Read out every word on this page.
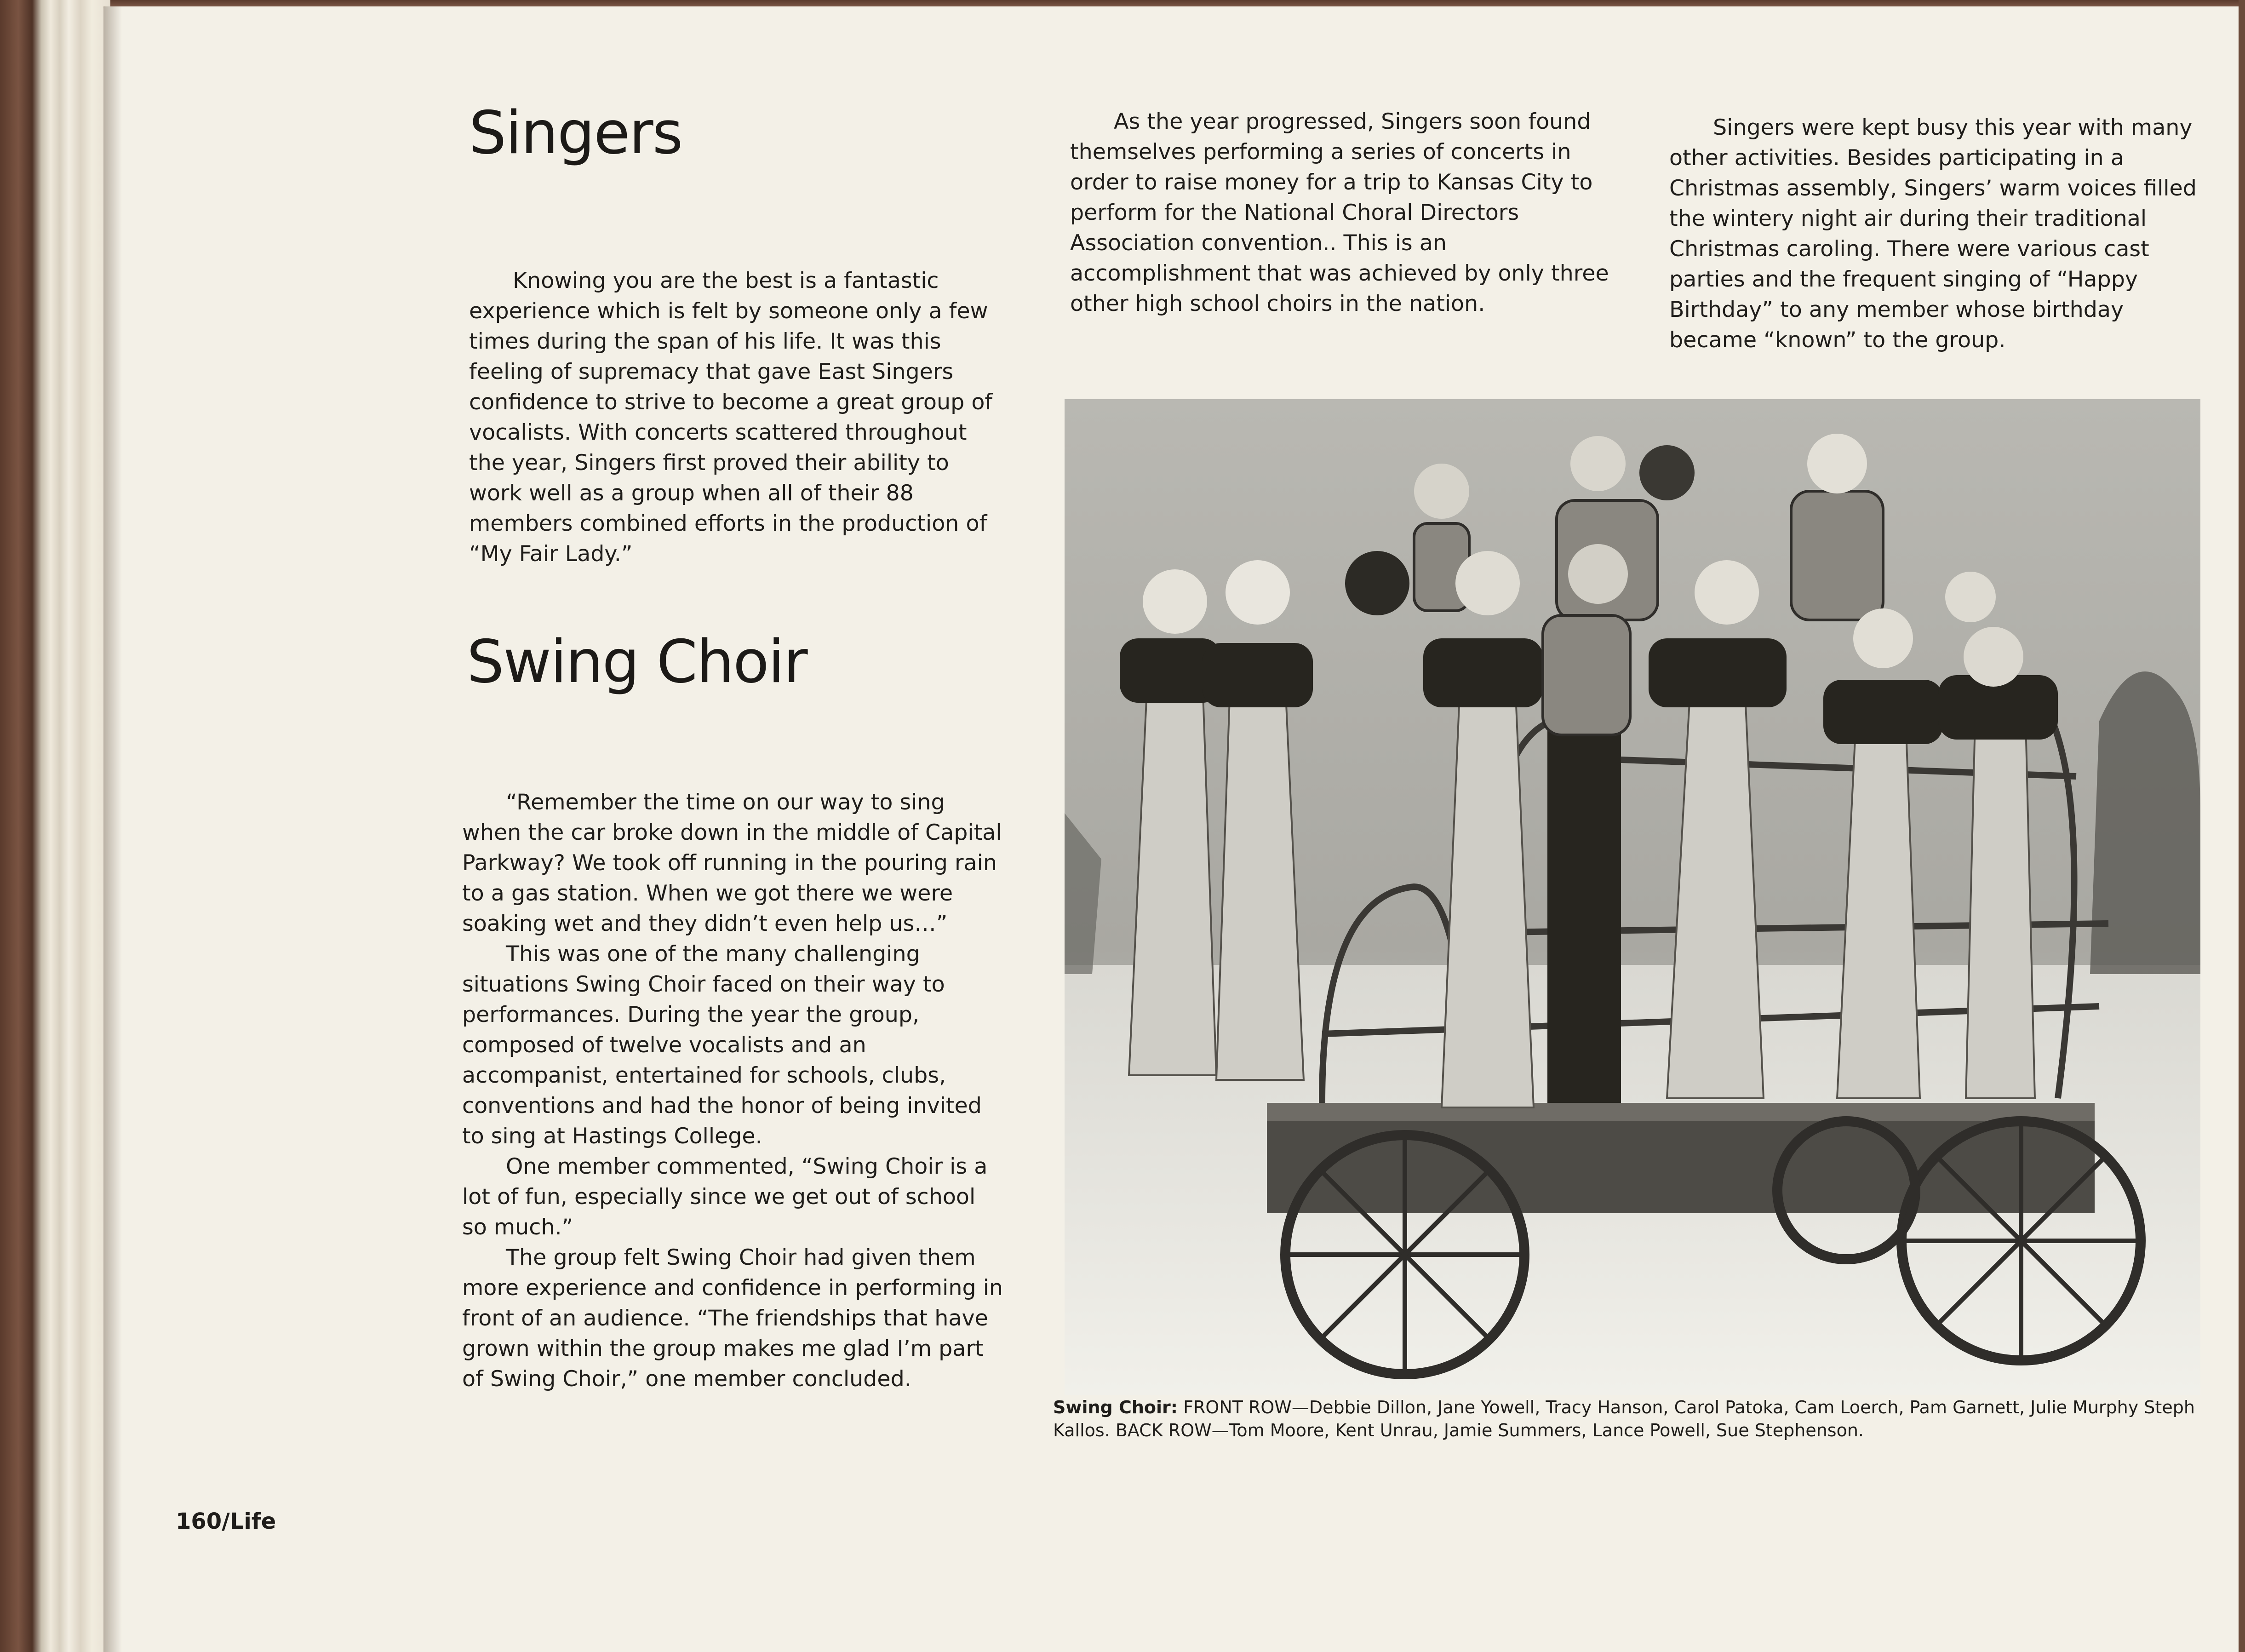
Singers

Knowing you are the best is a fantastic experience which is felt by someone only a few times during the span of his life. It was this feeling of supremacy that gave East Singers confidence to strive to become a great group of vocalists. With concerts scattered throughout the year, Singers first proved their ability to work well as a group when all of their 88 members combined efforts in the production of “My Fair Lady.”

Swing Choir

“Remember the time on our way to sing when the car broke down in the middle of Capital Parkway? We took off running in the pouring rain to a gas station. When we got there we were soaking wet and they didn’t even help us…”

This was one of the many challenging situations Swing Choir faced on their way to performances. During the year the group, composed of twelve vocalists and an accompanist, entertained for schools, clubs, conventions and had the honor of being invited to sing at Hastings College.

One member commented, “Swing Choir is a lot of fun, especially since we get out of school so much.”

The group felt Swing Choir had given them more experience and confidence in performing in front of an audience. “The friendships that have grown within the group makes me glad I’m part of Swing Choir,” one member concluded.

As the year progressed, Singers soon found themselves performing a series of concerts in order to raise money for a trip to Kansas City to perform for the National Choral Directors Association convention.. This is an accomplishment that was achieved by only three other high school choirs in the nation.

Singers were kept busy this year with many other activities. Besides participating in a Christmas assembly, Singers’ warm voices filled the wintery night air during their traditional Christmas caroling. There were various cast parties and the frequent singing of “Happy Birthday” to any member whose birthday became “known” to the group.

Swing Choir: FRONT ROW—Debbie Dillon, Jane Yowell, Tracy Hanson, Carol Patoka, Cam Loerch, Pam Garnett, Julie Murphy Steph Kallos. BACK ROW—Tom Moore, Kent Unrau, Jamie Summers, Lance Powell, Sue Stephenson.
160/Life
